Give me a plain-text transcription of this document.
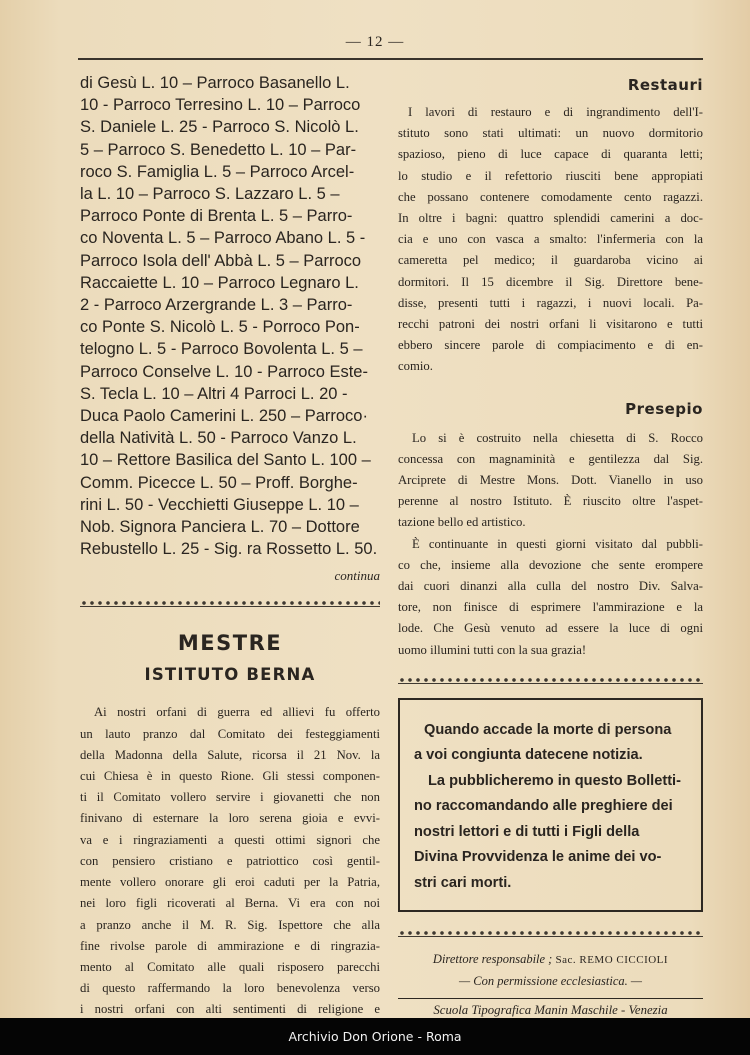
— 12 —
di Gesù L. 10 – Parroco Basanello L.
10 - Parroco Terresino L. 10 – Parroco
S. Daniele L. 25 - Parroco S. Nicolò L.
5 – Parroco S. Benedetto L. 10 – Par-
roco S. Famiglia L. 5 – Parroco Arcel-
la L. 10 – Parroco S. Lazzaro L. 5 –
Parroco Ponte di Brenta L. 5 – Parro-
co Noventa L. 5 – Parroco Abano L. 5 -
Parroco Isola dell' Abbà L. 5 – Parroco
Raccaiette L. 10 – Parroco Legnaro L.
2 - Parroco Arzergrande L. 3 – Parro-
co Ponte S. Nicolò L. 5 - Porroco Pon-
telogno L. 5 - Parroco Bovolenta L. 5 –
Parroco Conselve L. 10 - Parroco Este-
S. Tecla L. 10 – Altri 4 Parroci L. 20 -
Duca Paolo Camerini L. 250 – Parroco·
della Natività L. 50 - Parroco Vanzo L.
10 – Rettore Basilica del Santo L. 100 –
Comm. Picecce L. 50 – Proff. Borghe-
rini L. 50 - Vecchietti Giuseppe L. 10 –
Nob. Signora Panciera L. 70 – Dottore
Rebustello L. 25 - Sig. ra Rossetto L. 50.

continua

MESTRE
ISTITUTO BERNA
Ai nostri orfani di guerra ed allievi fu offerto
un lauto pranzo dal Comitato dei festeggiamenti
della Madonna della Salute, ricorsa il 21 Nov. la
cui Chiesa è in questo Rione. Gli stessi componen-
ti il Comitato vollero servire i giovanetti che non
finivano di esternare la loro serena gioia e evvi-
va e i ringraziamenti a questi ottimi signori che
con pensiero cristiano e patriottico così gentil-
mente vollero onorare gli eroi caduti per la Patria,
nei loro figli ricoverati al Berna. Vi era con noi
a pranzo anche il M. R. Sig. Ispettore che alla
fine rivolse parole di ammirazione e di ringrazia-
mento al Comitato alle quali risposero parecchi
di questo raffermando la loro benevolenza verso
i nostri orfani con alti sentimenti di religione e
Restauri
I lavori di restauro e di ingrandimento dell'I-
stituto sono stati ultimati: un nuovo dormitorio
spazioso, pieno di luce capace di quaranta letti;
lo studio e il refettorio riusciti bene appropiati
che possano contenere comodamente cento ragazzi.
In oltre i bagni: quattro splendidi camerini a doc-
cia e uno con vasca a smalto: l'infermeria con la
cameretta pel medico; il guardaroba vicino ai
dormitori. Il 15 dicembre il Sig. Direttore bene-
disse, presenti tutti i ragazzi, i nuovi locali. Pa-
recchi patroni dei nostri orfani li visitarono e tutti
ebbero sincere parole di compiacimento e di en-
comio.
Presepio
Lo si è costruito nella chiesetta di S. Rocco
concessa con magnaminità e gentilezza dal Sig.
Arciprete di Mestre Mons. Dott. Vianello in uso
perenne al nostro Istituto. È riuscito oltre l'aspet-
tazione bello ed artistico.
È continuante in questi giorni visitato dal pubbli-
co che, insieme alla devozione che sente erompere
dai cuori dinanzi alla culla del nostro Div. Salva-
tore, non finisce di esprimere l'ammirazione e la
lode. Che Gesù venuto ad essere la luce di ogni
uomo illumini tutti con la sua grazia!
Quando accade la morte di persona
a voi congiunta datecene notizia.
La pubblicheremo in questo Bolletti-
no raccomandando alle preghiere dei
nostri lettori e di tutti i Figli della
Divina Provvidenza le anime dei vo-
stri cari morti.

Direttore responsabile ; Sac. REMO CICCIOLI

— Con permissione ecclesiastica. —

Scuola Tipografica Manin Maschile - Venezia

Archivio Don Orione - Roma
